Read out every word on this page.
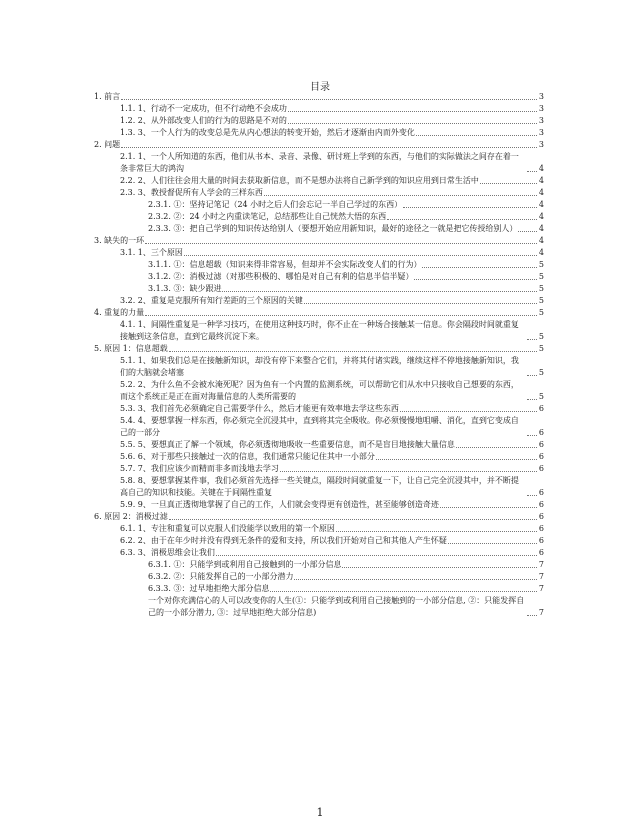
目录
1. 前言	3
1.1. 1、行动不一定成功，但不行动绝不会成功	3
1.2. 2、从外部改变人们的行为的思路是不对的	3
1.3. 3、一个人行为的改变总是先从内心想法的转变开始，然后才逐渐由内而外变化	3
2. 问题	3
2.1. 1、一个人所知道的东西，他们从书本、录音、录像、研讨班上学到的东西，与他们的实际做法之间存在着一条非常巨大的鸿沟	4
2.2. 2、人们往往会用大量的时间去获取新信息，而不是想办法将自己新学到的知识应用到日常生活中	4
2.3. 3、教授督促所有人学会的三样东西	4
2.3.1. ①：坚持记笔记（24 小时之后人们会忘记一半自己学过的东西）	4
2.3.2. ②：24 小时之内重读笔记，总结那些让自己恍然大悟的东西	4
2.3.3. ③：把自己学到的知识传达给别人（要想开始应用新知识，最好的途径之一就是把它传授给别人）	4
3. 缺失的一环	4
3.1. 1、三个原因	4
3.1.1. ①：信息超载（知识来得非常容易，但却并不会实际改变人们的行为）	5
3.1.2. ②：消极过滤（对那些积极的、哪怕是对自己有利的信息半信半疑）	5
3.1.3. ③：缺少跟进	5
3.2. 2、重复是克服所有知行差距的三个原因的关键	5
4. 重复的力量	5
4.1. 1、间隔性重复是一种学习技巧，在使用这种技巧时，你不止在一种场合接触某一信息。你会隔段时间就重复接触到这条信息，直到它最终沉淀下来。	5
5. 原因 1：信息超载	5
5.1. 1、如果我们总是在接触新知识，却没有停下来整合它们，并将其付诸实践，继续这样不停地接触新知识，我们的大脑就会堵塞	5
5.2. 2、为什么鱼不会被水淹死呢？因为鱼有一个内置的监测系统，可以帮助它们从水中只接收自己想要的东西，而这个系统正是正在面对海量信息的人类所需要的	5
5.3. 3、我们首先必须确定自己需要学什么，然后才能更有效率地去学这些东西	6
5.4. 4、要想掌握一样东西，你必须完全沉浸其中，直到将其完全吸收。你必须慢慢地咀嚼、消化，直到它变成自己的一部分	6
5.5. 5、要想真正了解一个领域，你必须透彻地吸收一些重要信息，而不是盲目地接触大量信息	6
5.6. 6、对于那些只接触过一次的信息，我们通常只能记住其中一小部分	6
5.7. 7、我们应该少而精而非多而浅地去学习	6
5.8. 8、要想掌握某件事，我们必须首先选择一些关键点，隔段时间就重复一下，让自己完全沉浸其中，并不断提高自己的知识和技能。关键在于间隔性重复	6
5.9. 9、一旦真正透彻地掌握了自己的工作，人们就会变得更有创造性，甚至能够创造奇迹	6
6. 原因 2：消极过滤	6
6.1. 1、专注和重复可以克服人们没能学以致用的第一个原因	6
6.2. 2、由于在年少时并没有得到无条件的爱和支持，所以我们开始对自己和其他人产生怀疑	6
6.3. 3、消极思维会让我们	6
6.3.1. ①：只能学到或利用自己接触到的一小部分信息	7
6.3.2. ②：只能发挥自己的一小部分潜力	7
6.3.3. ③：过早地拒绝大部分信息	7
一个对你充满信心的人可以改变你的人生(①：只能学到或利用自己接触到的一小部分信息, ②：只能发挥自己的一小部分潜力, ③：过早地拒绝大部分信息)	7
1
